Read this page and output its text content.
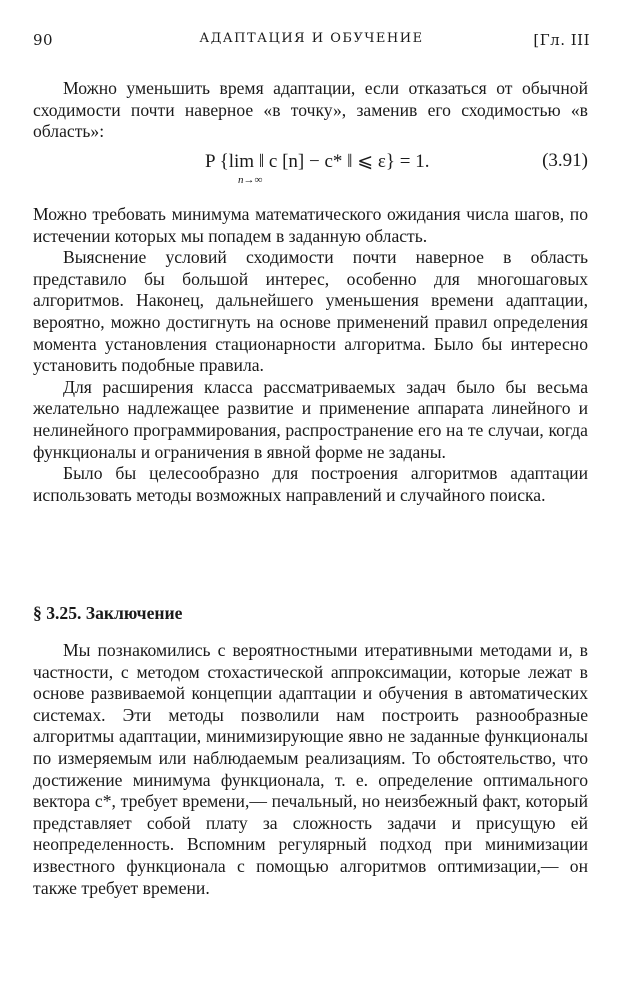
90	АДАПТАЦИЯ И ОБУЧЕНИЕ	[Гл. III

Можно уменьшить время адаптации, если отказаться от обычной сходимости почти наверное «в точку», заменив его сходимостью «в область»:

P {lim ‖ c [n] − c* ‖ ⩽ ε} = 1.
n→∞
(3.91)

Можно требовать минимума математического ожидания числа шагов, по истечении которых мы попадем в заданную область.

Выяснение условий сходимости почти наверное в область представило бы большой интерес, особенно для многошаговых алгоритмов. Наконец, дальнейшего уменьшения времени адаптации, вероятно, можно достигнуть на основе применений правил определения момента установления стационарности алгоритма. Было бы интересно установить подобные правила.

Для расширения класса рассматриваемых задач было бы весьма желательно надлежащее развитие и применение аппарата линейного и нелинейного программирования, распространение его на те случаи, когда функционалы и ограничения в явной форме не заданы.

Было бы целесообразно для построения алгоритмов адаптации использовать методы возможных направлений и случайного поиска.

§ 3.25. Заключение

Мы познакомились с вероятностными итеративными методами и, в частности, с методом стохастической аппроксимации, которые лежат в основе развиваемой концепции адаптации и обучения в автоматических системах. Эти методы позволили нам построить разнообразные алгоритмы адаптации, минимизирующие явно не заданные функционалы по измеряемым или наблюдаемым реализациям. То обстоятельство, что достижение минимума функционала, т. е. определение оптимального вектора c*, требует времени,— печальный, но неизбежный факт, который представляет собой плату за сложность задачи и присущую ей неопределенность. Вспомним регулярный подход при минимизации известного функционала с помощью алгоритмов оптимизации,— он также требует времени.
